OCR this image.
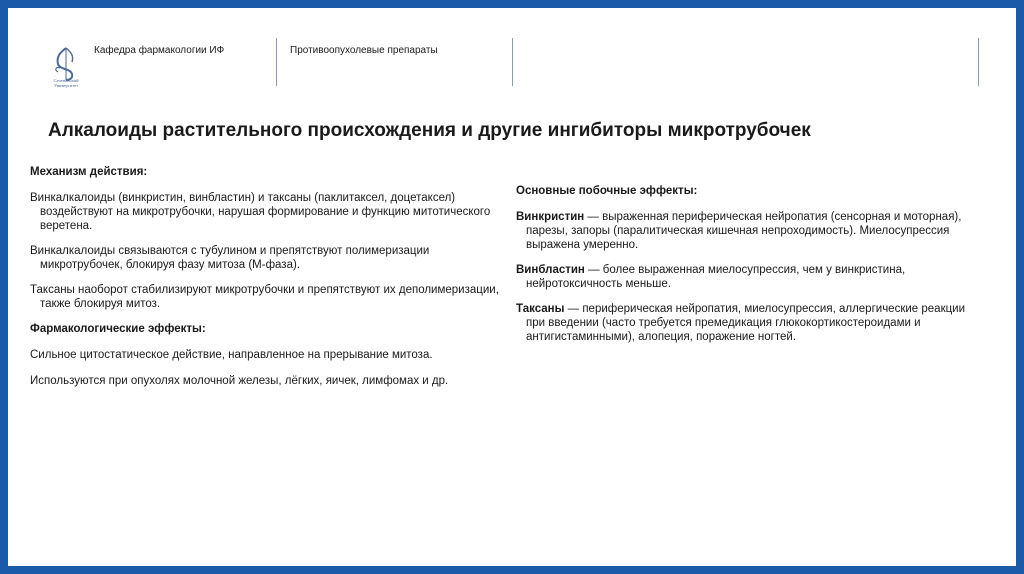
Сеченовский Университет
Кафедра фармакологии ИФ	Противоопухолевые препараты
Алкалоиды растительного происхождения и другие ингибиторы микротрубочек

Механизм действия:

Винкалкалоиды (винкристин, винбластин) и таксаны (паклитаксел, доцетаксел) воздействуют на микротрубочки, нарушая формирование и функцию митотического веретена.

Винкалкалоиды связываются с тубулином и препятствуют полимеризации микротрубочек, блокируя фазу митоза (М-фаза).

Таксаны наоборот стабилизируют микротрубочки и препятствуют их деполимеризации, также блокируя митоз.

Фармакологические эффекты:

Сильное цитостатическое действие, направленное на прерывание митоза.

Используются при опухолях молочной железы, лёгких, яичек, лимфомах и др.

Основные побочные эффекты:

Винкристин — выраженная периферическая нейропатия (сенсорная и моторная), парезы, запоры (паралитическая кишечная непроходимость). Миелосупрессия выражена умеренно.

Винбластин — более выраженная миелосупрессия, чем у винкристина, нейротоксичность меньше.

Таксаны — периферическая нейропатия, миелосупрессия, аллергические реакции при введении (часто требуется премедикация глюкокортикостероидами и антигистаминными), алопеция, поражение ногтей.
